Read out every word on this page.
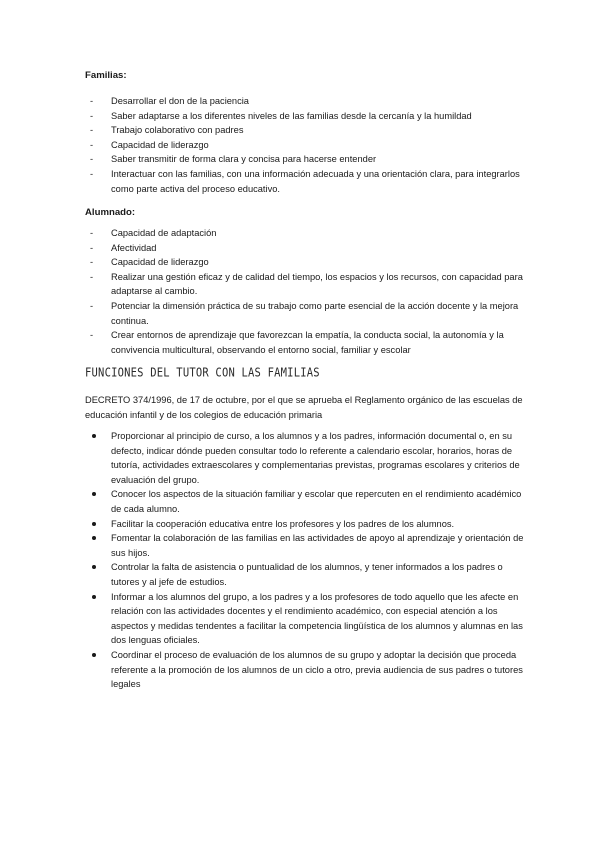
Familias:
-	Desarrollar el don de la paciencia
-	Saber adaptarse a los diferentes niveles de las familias desde la cercanía y la humildad
-	Trabajo colaborativo con padres
-	Capacidad de liderazgo
-	Saber transmitir de forma clara y concisa para hacerse entender
-	Interactuar con las familias, con una información adecuada y una orientación clara, para integrarlos como parte activa del proceso educativo.
Alumnado:
-	Capacidad de adaptación
-	Afectividad
-	Capacidad de liderazgo
-	Realizar una gestión eficaz y de calidad del tiempo, los espacios y los recursos, con capacidad para adaptarse al cambio.
-	Potenciar la dimensión práctica de su trabajo como parte esencial de la acción docente y la mejora continua.
-	Crear entornos de aprendizaje que favorezcan la empatía, la conducta social, la autonomía y la convivencia multicultural, observando el entorno social, familiar y escolar
FUNCIONES DEL TUTOR CON LAS FAMILIAS

DECRETO 374/1996, de 17 de octubre, por el que se aprueba el Reglamento orgánico de las escuelas de educación infantil y de los colegios de educación primaria

Proporcionar al principio de curso, a los alumnos y a los padres, información documental o, en su defecto, indicar dónde pueden consultar todo lo referente a calendario escolar, horarios, horas de tutoría, actividades extraescolares y complementarias previstas, programas escolares y criterios de evaluación del grupo.
Conocer los aspectos de la situación familiar y escolar que repercuten en el rendimiento académico de cada alumno.
Facilitar la cooperación educativa entre los profesores y los padres de los alumnos.
Fomentar la colaboración de las familias en las actividades de apoyo al aprendizaje y orientación de sus hijos.
Controlar la falta de asistencia o puntualidad de los alumnos, y tener informados a los padres o tutores y al jefe de estudios.
Informar a los alumnos del grupo, a los padres y a los profesores de todo aquello que les afecte en relación con las actividades docentes y el rendimiento académico, con especial atención a los aspectos y medidas tendentes a facilitar la competencia lingüística de los alumnos y alumnas en las dos lenguas oficiales.
Coordinar el proceso de evaluación de los alumnos de su grupo y adoptar la decisión que proceda referente a la promoción de los alumnos de un ciclo a otro, previa audiencia de sus padres o tutores legales
